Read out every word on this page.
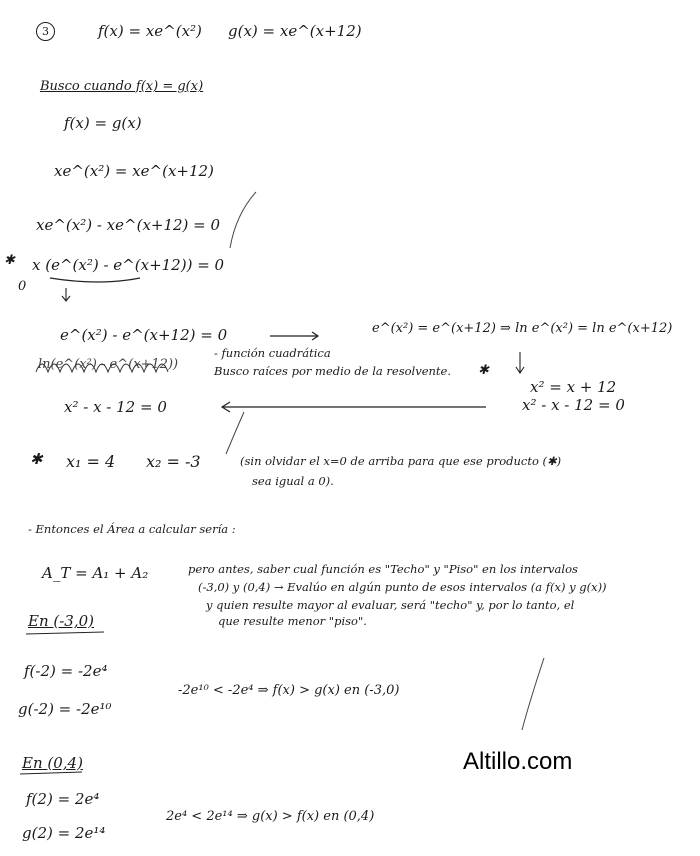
3	f(x) = xe^(x²) g(x) = xe^(x+12)
Busco cuando f(x) = g(x)
f(x) = g(x)
xe^(x²) = xe^(x+12)
xe^(x²) - xe^(x+12) = 0
✱ x (e^(x²) - e^(x+12)) = 0
0
e^(x²) - e^(x+12) = 0
ln(e^(x²) - e^(x+12))
x² - x - 12 = 0
- función cuadrática
Busco raíces por medio de la resolvente. ✱
e^(x²) = e^(x+12) ⇒ ln e^(x²) = ln e^(x+12)
x² = x + 12
x² - x - 12 = 0
✱ x₁ = 4 x₂ = -3	(sin olvidar el x=0 de arriba para que ese producto (✱)
sea igual a 0).
- Entonces el Área a calcular sería :
A_T = A₁ + A₂	pero antes, saber cual función es "Techo" y "Piso" en los intervalos
(-3,0) y (0,4) → Evalúo en algún punto de esos intervalos (a f(x) y g(x))
y quien resulte mayor al evaluar, será "techo" y, por lo tanto, el
que resulte menor "piso".
En (-3,0)
f(-2) = -2e⁴
g(-2) = -2e¹⁰
-2e¹⁰ < -2e⁴ ⇒ f(x) > g(x) en (-3,0)
En (0,4)
f(2) = 2e⁴
g(2) = 2e¹⁴
2e⁴ < 2e¹⁴ ⇒ g(x) > f(x) en (0,4)
Altillo.com
